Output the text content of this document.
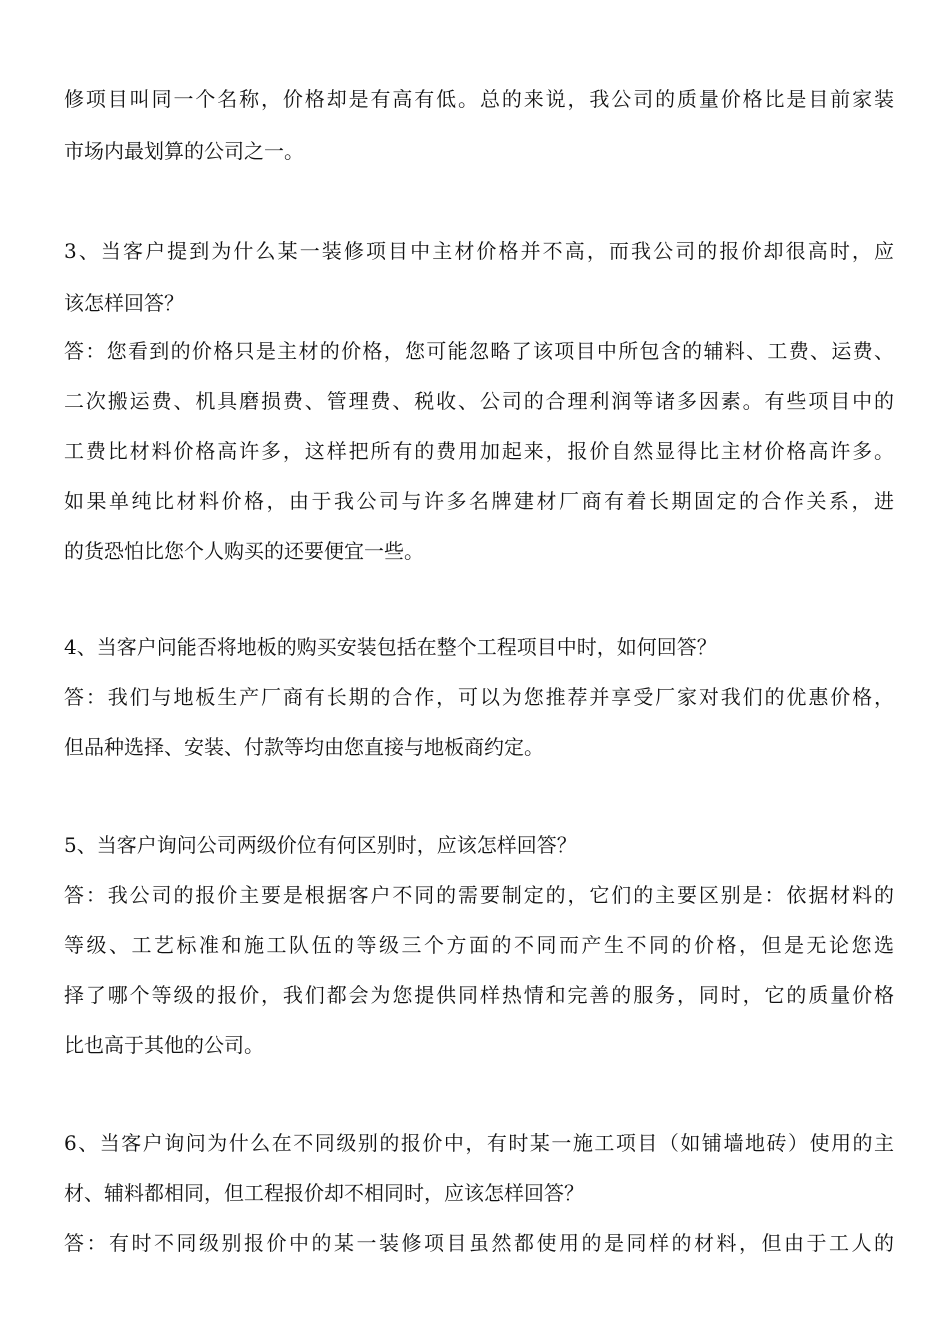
修项目叫同一个名称，价格却是有高有低。总的来说，我公司的质量价格比是目前家装
市场内最划算的公司之一。
3、当客户提到为什么某一装修项目中主材价格并不高，而我公司的报价却很高时，应
该怎样回答？
答：您看到的价格只是主材的价格，您可能忽略了该项目中所包含的辅料、工费、运费、
二次搬运费、机具磨损费、管理费、税收、公司的合理利润等诸多因素。有些项目中的
工费比材料价格高许多，这样把所有的费用加起来，报价自然显得比主材价格高许多。
如果单纯比材料价格，由于我公司与许多名牌建材厂商有着长期固定的合作关系，进
的货恐怕比您个人购买的还要便宜一些。
4、当客户问能否将地板的购买安装包括在整个工程项目中时，如何回答？
答：我们与地板生产厂商有长期的合作，可以为您推荐并享受厂家对我们的优惠价格，
但品种选择、安装、付款等均由您直接与地板商约定。
5、当客户询问公司两级价位有何区别时，应该怎样回答？
答：我公司的报价主要是根据客户不同的需要制定的，它们的主要区别是：依据材料的
等级、工艺标准和施工队伍的等级三个方面的不同而产生不同的价格，但是无论您选
择了哪个等级的报价，我们都会为您提供同样热情和完善的服务，同时，它的质量价格
比也高于其他的公司。
6、当客户询问为什么在不同级别的报价中，有时某一施工项目（如铺墙地砖）使用的主
材、辅料都相同，但工程报价却不相同时，应该怎样回答？
答：有时不同级别报价中的某一装修项目虽然都使用的是同样的材料，但由于工人的
